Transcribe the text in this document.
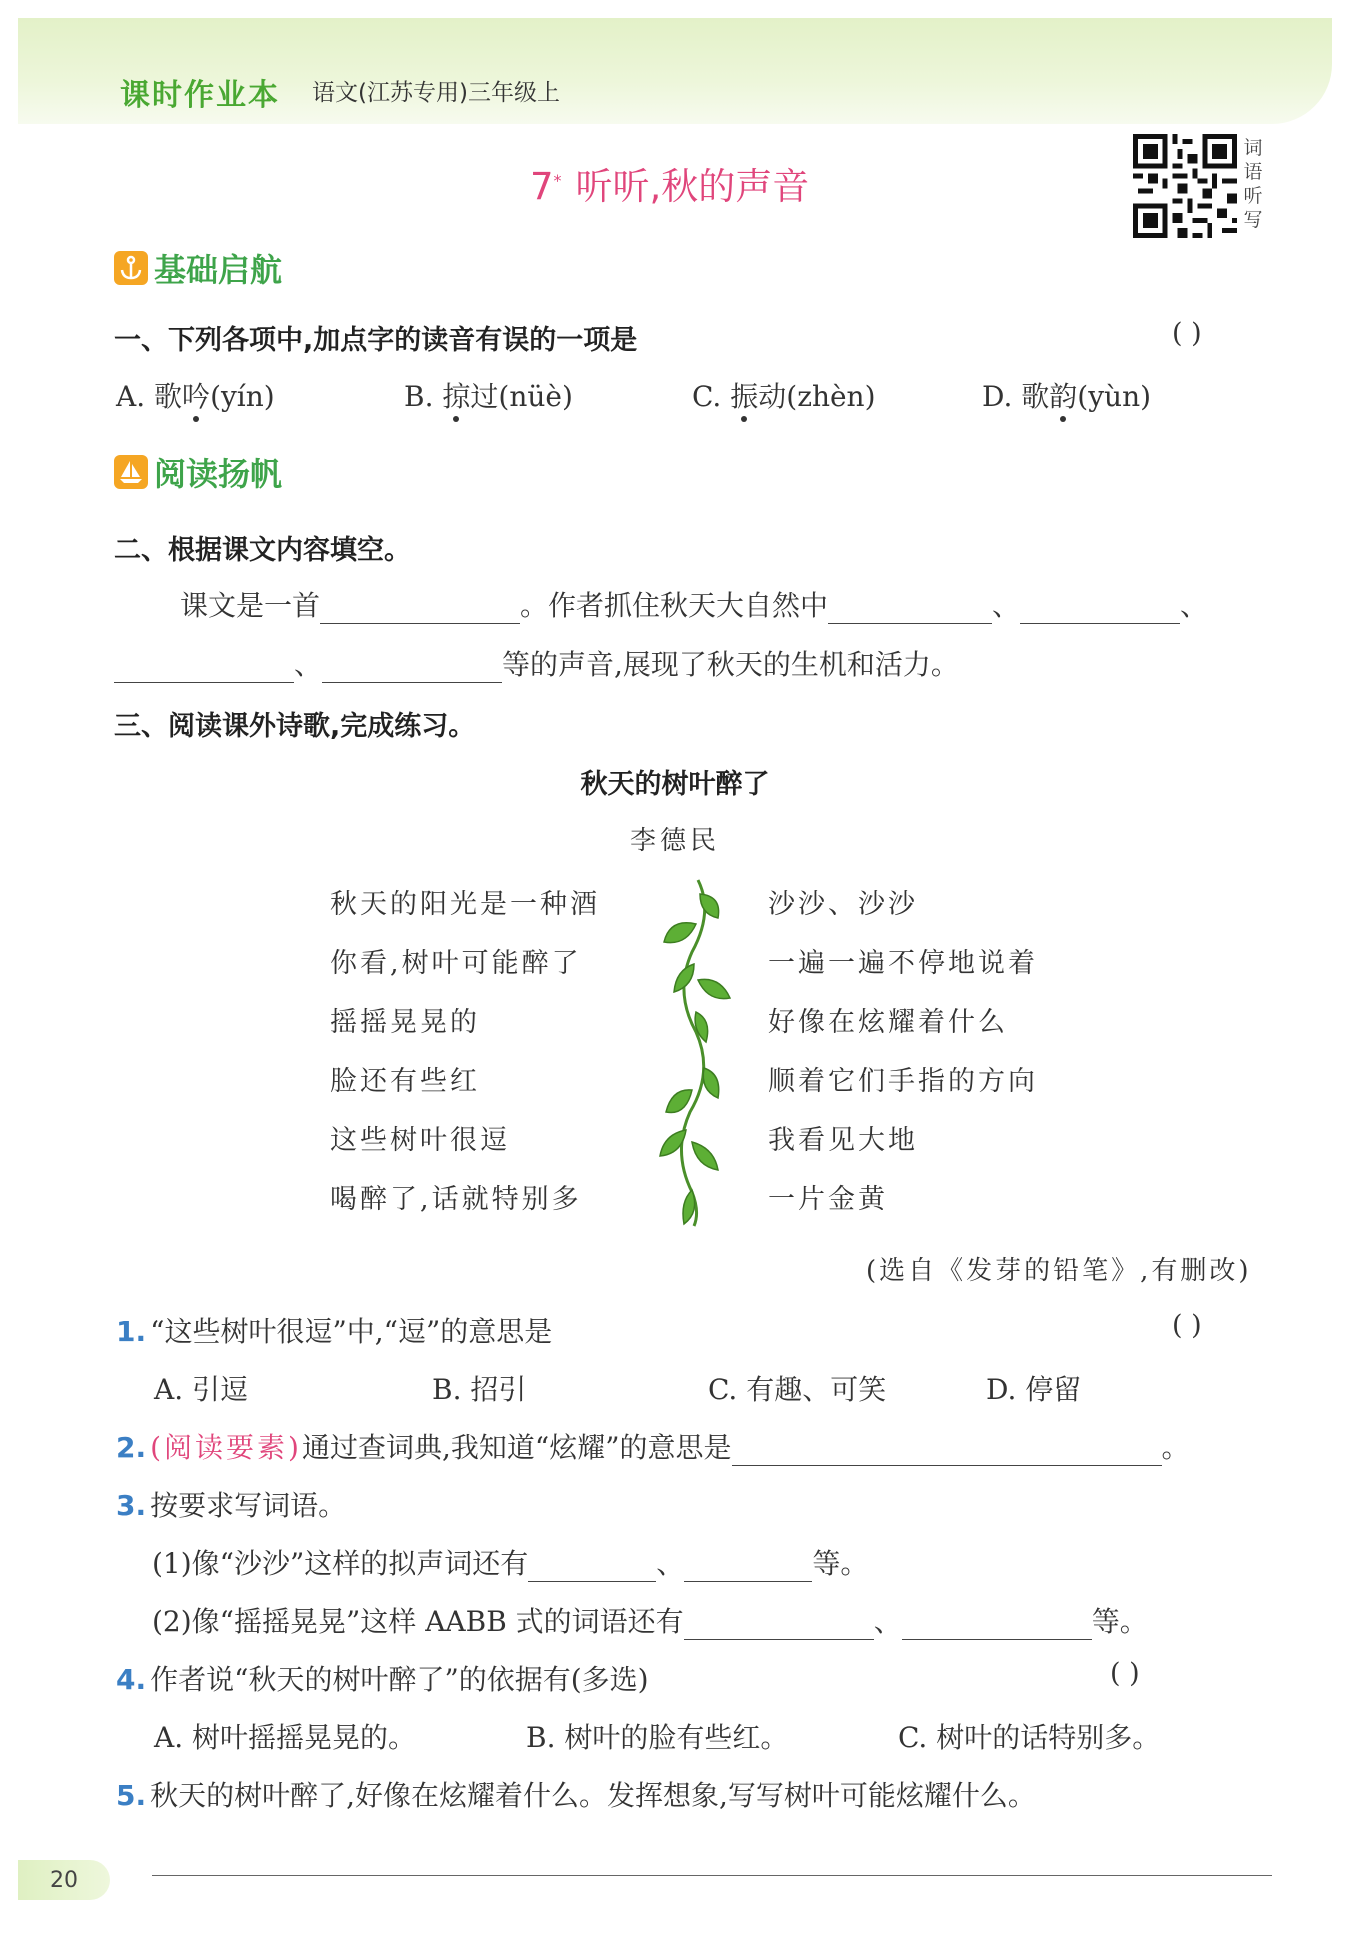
课时作业本 语文(江苏专用)三年级上
7* 听听,秋的声音
词
语
听
写
基础启航
一、下列各项中,加点字的读音有误的一项是	( )
A. 歌吟(yín)	B. 掠过(nüè)	C. 振动(zhèn)	D. 歌韵(yùn)
阅读扬帆
二、根据课文内容填空。
课文是一首	。作者抓住秋天大自然中	、	、
、	等的声音,展现了秋天的生机和活力。
三、阅读课外诗歌,完成练习。
秋天的树叶醉了
李德民
秋天的阳光是一种酒
你看,树叶可能醉了
摇摇晃晃的
脸还有些红
这些树叶很逗
喝醉了,话就特别多
沙沙、沙沙
一遍一遍不停地说着
好像在炫耀着什么
顺着它们手指的方向
我看见大地
一片金黄
(选自《发芽的铅笔》,有删改)
1. “这些树叶很逗”中,“逗”的意思是	( )
A. 引逗	B. 招引	C. 有趣、可笑	D. 停留
2. (阅读要素)通过查词典,我知道“炫耀”的意思是	。
3. 按要求写词语。
(1)像“沙沙”这样的拟声词还有	、	等。
(2)像“摇摇晃晃”这样 AABB 式的词语还有	、	等。
4. 作者说“秋天的树叶醉了”的依据有(多选)	( )
A. 树叶摇摇晃晃的。	B. 树叶的脸有些红。	C. 树叶的话特别多。
5. 秋天的树叶醉了,好像在炫耀着什么。发挥想象,写写树叶可能炫耀什么。
20
